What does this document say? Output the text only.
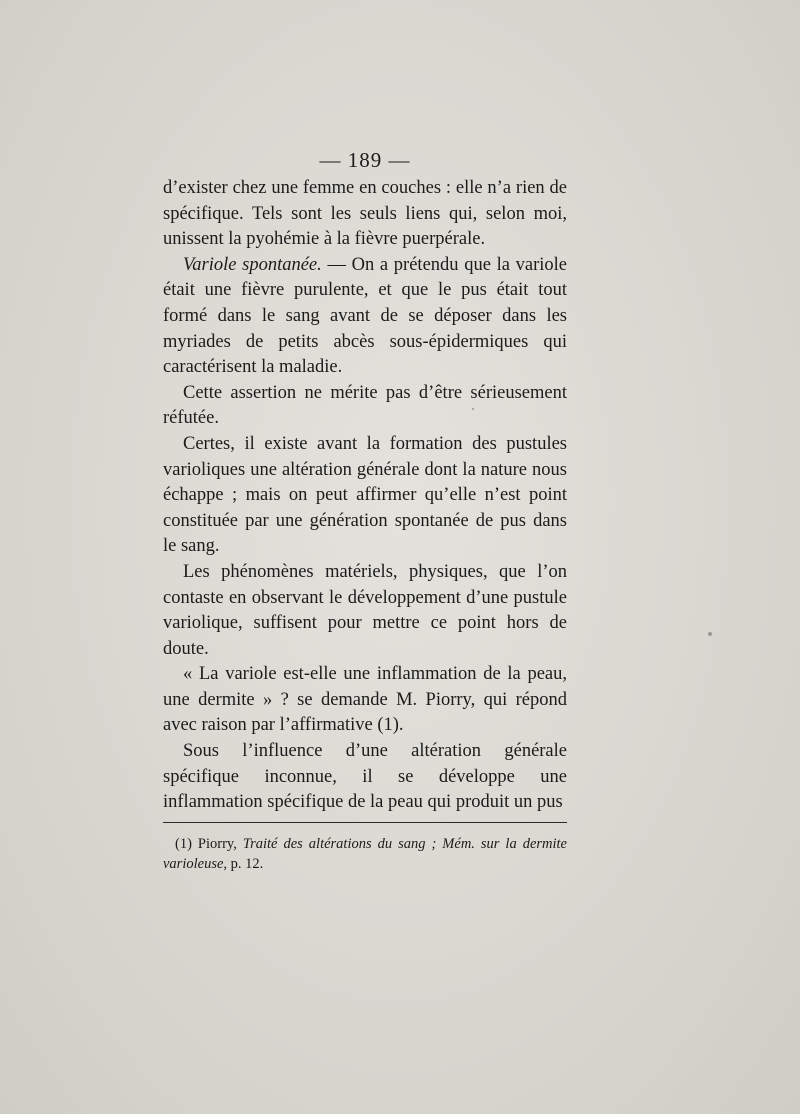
— 189 —

d’exister chez une femme en couches : elle n’a rien de spécifique. Tels sont les seuls liens qui, selon moi, unissent la pyohémie à la fièvre puerpérale.

Variole spontanée. — On a prétendu que la variole était une fièvre purulente, et que le pus était tout formé dans le sang avant de se déposer dans les myriades de petits abcès sous-épidermiques qui caractérisent la maladie.

Cette assertion ne mérite pas d’être sérieusement réfutée.

Certes, il existe avant la formation des pustules varioliques une altération générale dont la nature nous échappe ; mais on peut affirmer qu’elle n’est point constituée par une génération spontanée de pus dans le sang.

Les phénomènes matériels, physiques, que l’on contaste en observant le développement d’une pustule variolique, suffisent pour mettre ce point hors de doute.

« La variole est-elle une inflammation de la peau, une dermite » ? se demande M. Piorry, qui répond avec raison par l’affirmative (1).

Sous l’influence d’une altération générale spécifique inconnue, il se développe une inflammation spécifique de la peau qui produit un pus

(1) Piorry, Traité des altérations du sang ; Mém. sur la dermite varioleuse, p. 12.
